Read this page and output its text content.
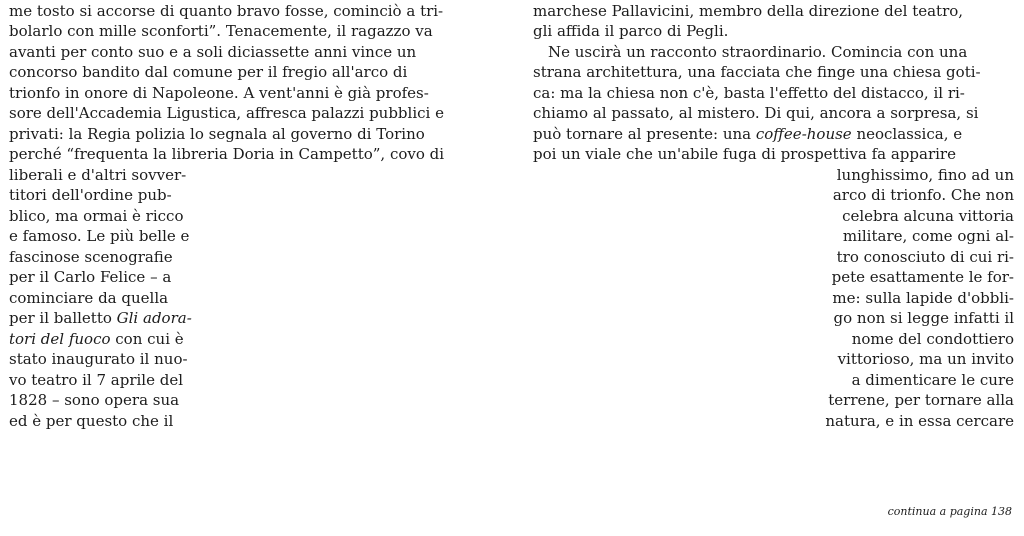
me tosto si accorse di quanto bravo fosse, cominciò a tri-
bolarlo con mille sconforti”. Tenacemente, il ragazzo va
avanti per conto suo e a soli diciassette anni vince un
concorso bandito dal comune per il fregio all'arco di
trionfo in onore di Napoleone. A vent'anni è già profes-
sore dell'Accademia Ligustica, affresca palazzi pubblici e
privati: la Regia polizia lo segnala al governo di Torino
perché “frequenta la libreria Doria in Campetto”, covo di
liberali e d'altri sovver-
titori dell'ordine pub-
blico, ma ormai è ricco
e famoso. Le più belle e
fascinose scenografie
per il Carlo Felice – a
cominciare da quella
per il balletto Gli adora-
tori del fuoco con cui è
stato inaugurato il nuo-
vo teatro il 7 aprile del
1828 – sono opera sua
ed è per questo che il
marchese Pallavicini, membro della direzione del teatro,
gli affida il parco di Pegli.
Ne uscirà un racconto straordinario. Comincia con una
strana architettura, una facciata che finge una chiesa goti-
ca: ma la chiesa non c'è, basta l'effetto del distacco, il ri-
chiamo al passato, al mistero. Di qui, ancora a sorpresa, si
può tornare al presente: una coffee-house neoclassica, e
poi un viale che un'abile fuga di prospettiva fa apparire
lunghissimo, fino ad un
arco di trionfo. Che non
celebra alcuna vittoria
militare, come ogni al-
tro conosciuto di cui ri-
pete esattamente le for-
me: sulla lapide d'obbli-
go non si legge infatti il
nome del condottiero
vittorioso, ma un invito
a dimenticare le cure
terrene, per tornare alla
natura, e in essa cercare
continua a pagina 138
